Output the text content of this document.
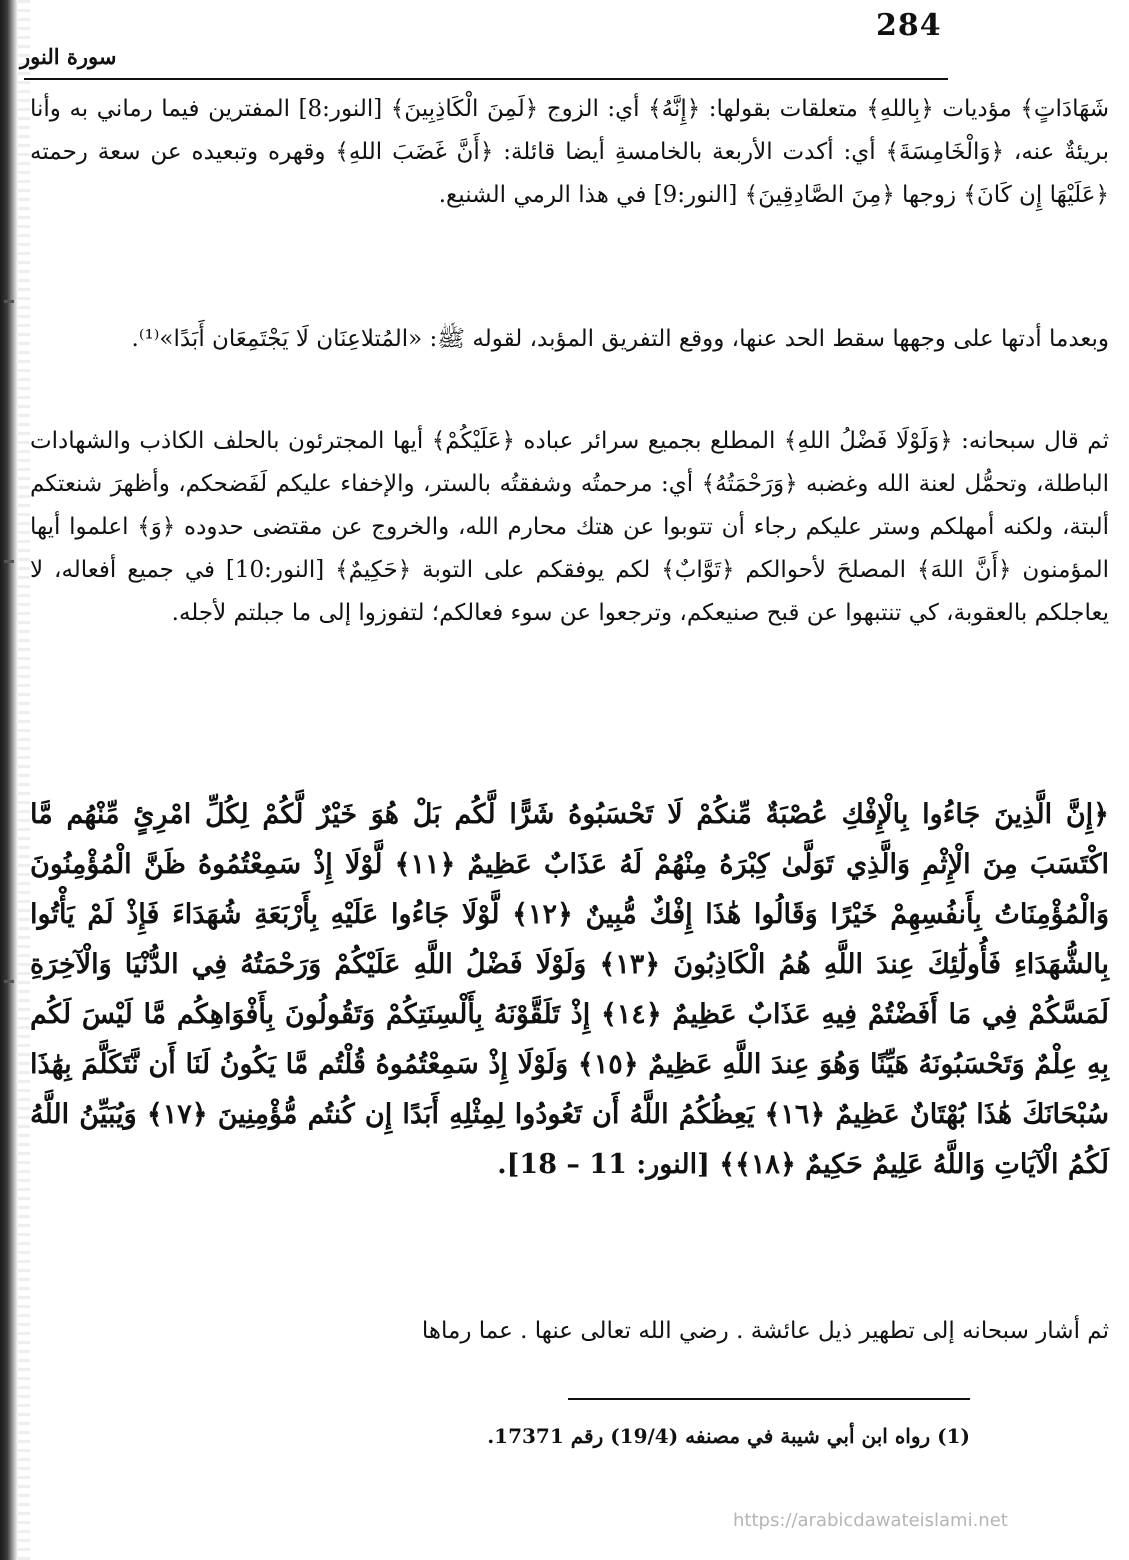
284
سورة النور

شَهَادَاتٍ﴾ مؤديات ﴿بِاللهِ﴾ متعلقات بقولها: ﴿إِنَّهُ﴾ أي: الزوج ﴿لَمِنَ الْكَاذِبِينَ﴾ [النور:8] المفترين فيما رماني به وأنا بريئةٌ عنه، ﴿وَالْخَامِسَةَ﴾ أي: أكدت الأربعة بالخامسةِ أيضا قائلة: ﴿أَنَّ غَضَبَ اللهِ﴾ وقهره وتبعيده عن سعة رحمته ﴿عَلَيْهَا إِن كَانَ﴾ زوجها ﴿مِنَ الصَّادِقِينَ﴾ [النور:9] في هذا الرمي الشنيع.

وبعدما أدتها على وجهها سقط الحد عنها، ووقع التفريق المؤبد، لقوله ﷺ: «المُتلاعِنَان لَا يَجْتَمِعَان أَبَدًا»⁽¹⁾.

ثم قال سبحانه: ﴿وَلَوْلَا فَضْلُ اللهِ﴾ المطلع بجميع سرائر عباده ﴿عَلَيْكُمْ﴾ أيها المجترئون بالحلف الكاذب والشهادات الباطلة، وتحمُّل لعنة الله وغضبه ﴿وَرَحْمَتُهُ﴾ أي: مرحمتُه وشفقتُه بالستر، والإخفاء عليكم لَفَضحكم، وأظهرَ شنعتكم ألبتة، ولكنه أمهلكم وستر عليكم رجاء أن تتوبوا عن هتك محارم الله، والخروج عن مقتضى حدوده ﴿وَ﴾ اعلموا أيها المؤمنون ﴿أَنَّ اللهَ﴾ المصلحَ لأحوالكم ﴿تَوَّابٌ﴾ لكم يوفقكم على التوبة ﴿حَكِيمٌ﴾ [النور:10] في جميع أفعاله، لا يعاجلكم بالعقوبة، كي تنتبهوا عن قبح صنيعكم، وترجعوا عن سوء فعالكم؛ لتفوزوا إلى ما جبلتم لأجله.

﴿إِنَّ الَّذِينَ جَاءُوا بِالْإِفْكِ عُصْبَةٌ مِّنكُمْ لَا تَحْسَبُوهُ شَرًّا لَّكُم بَلْ هُوَ خَيْرٌ لَّكُمْ لِكُلِّ امْرِئٍ مِّنْهُم مَّا اكْتَسَبَ مِنَ الْإِثْمِ وَالَّذِي تَوَلَّىٰ كِبْرَهُ مِنْهُمْ لَهُ عَذَابٌ عَظِيمٌ ﴿١١﴾ لَّوْلَا إِذْ سَمِعْتُمُوهُ ظَنَّ الْمُؤْمِنُونَ وَالْمُؤْمِنَاتُ بِأَنفُسِهِمْ خَيْرًا وَقَالُوا هَٰذَا إِفْكٌ مُّبِينٌ ﴿١٢﴾ لَّوْلَا جَاءُوا عَلَيْهِ بِأَرْبَعَةِ شُهَدَاءَ فَإِذْ لَمْ يَأْتُوا بِالشُّهَدَاءِ فَأُولَٰئِكَ عِندَ اللَّهِ هُمُ الْكَاذِبُونَ ﴿١٣﴾ وَلَوْلَا فَضْلُ اللَّهِ عَلَيْكُمْ وَرَحْمَتُهُ فِي الدُّنْيَا وَالْآخِرَةِ لَمَسَّكُمْ فِي مَا أَفَضْتُمْ فِيهِ عَذَابٌ عَظِيمٌ ﴿١٤﴾ إِذْ تَلَقَّوْنَهُ بِأَلْسِنَتِكُمْ وَتَقُولُونَ بِأَفْوَاهِكُم مَّا لَيْسَ لَكُم بِهِ عِلْمٌ وَتَحْسَبُونَهُ هَيِّنًا وَهُوَ عِندَ اللَّهِ عَظِيمٌ ﴿١٥﴾ وَلَوْلَا إِذْ سَمِعْتُمُوهُ قُلْتُم مَّا يَكُونُ لَنَا أَن نَّتَكَلَّمَ بِهَٰذَا سُبْحَانَكَ هَٰذَا بُهْتَانٌ عَظِيمٌ ﴿١٦﴾ يَعِظُكُمُ اللَّهُ أَن تَعُودُوا لِمِثْلِهِ أَبَدًا إِن كُنتُم مُّؤْمِنِينَ ﴿١٧﴾ وَيُبَيِّنُ اللَّهُ لَكُمُ الْآيَاتِ وَاللَّهُ عَلِيمٌ حَكِيمٌ ﴿١٨﴾﴾ [النور: 11 – 18].

ثم أشار سبحانه إلى تطهير ذيل عائشة . رضي الله تعالى عنها . عما رماها

(1) رواه ابن أبي شيبة في مصنفه (19/4) رقم 17371.
https://arabicdawateislami.net
